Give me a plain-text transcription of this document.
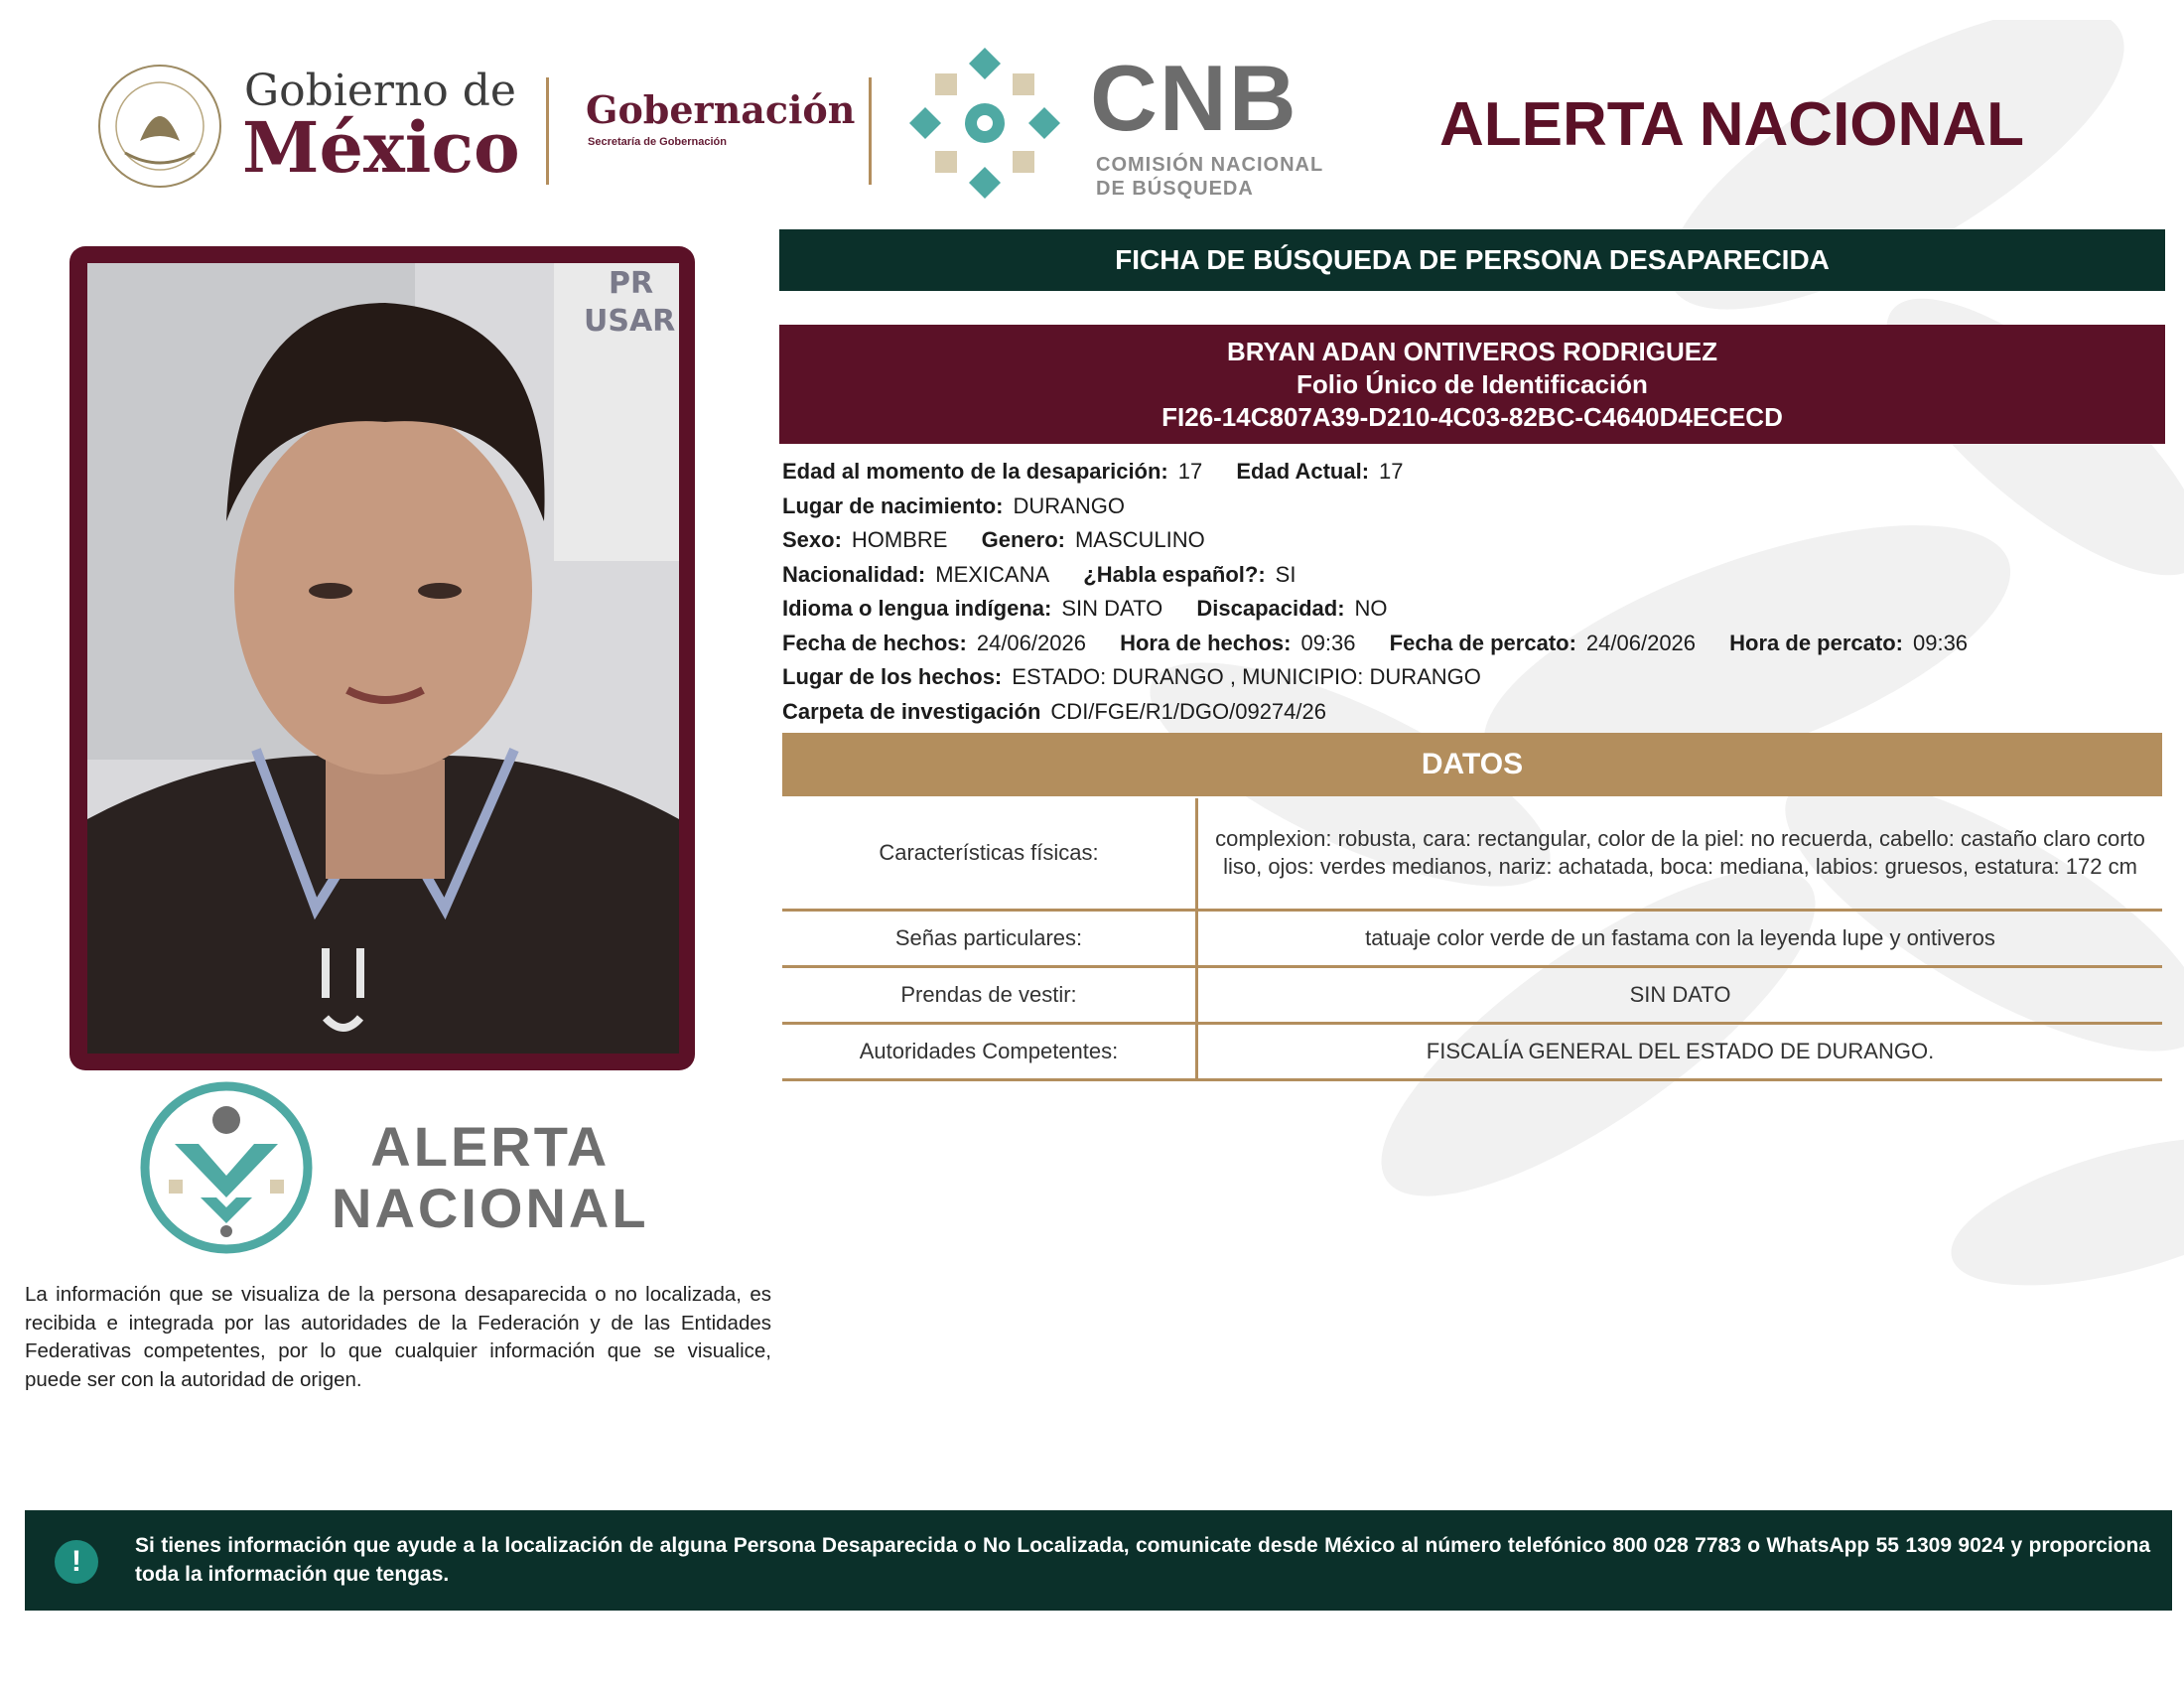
Gobierno de
México Gobernación
Secretaría de Gobernación	CNB
COMISIÓN NACIONAL
DE BÚSQUEDA
ALERTA NACIONAL
PR
USAR
FICHA DE BÚSQUEDA DE PERSONA DESAPARECIDA
BRYAN ADAN ONTIVEROS RODRIGUEZ
Folio Único de Identificación
FI26-14C807A39-D210-4C03-82BC-C4640D4ECECD
Edad al momento de la desaparición: 17 Edad Actual: 17
Lugar de nacimiento: DURANGO
Sexo: HOMBRE Genero: MASCULINO
Nacionalidad: MEXICANA ¿Habla español?: SI
Idioma o lengua indígena: SIN DATO Discapacidad: NO
Fecha de hechos: 24/06/2026 Hora de hechos: 09:36 Fecha de percato: 24/06/2026 Hora de percato: 09:36
Lugar de los hechos: ESTADO: DURANGO , MUNICIPIO: DURANGO
Carpeta de investigación CDI/FGE/R1/DGO/09274/26
DATOS
Características físicas:	complexion: robusta, cara: rectangular, color de la piel: no recuerda, cabello: castaño claro corto liso, ojos: verdes medianos, nariz: achatada, boca: mediana, labios: gruesos, estatura: 172 cm
Señas particulares:	tatuaje color verde de un fastama con la leyenda lupe y ontiveros
Prendas de vestir:	SIN DATO
Autoridades Competentes:	FISCALÍA GENERAL DEL ESTADO DE DURANGO.
ALERTA
NACIONAL
La información que se visualiza de la persona desaparecida o no localizada, es recibida e integrada por las autoridades de la Federación y de las Entidades Federativas competentes, por lo que cualquier información que se visualice, puede ser con la autoridad de origen.
!	Si tienes información que ayude a la localización de alguna Persona Desaparecida o No Localizada, comunicate desde México al número telefónico 800 028 7783 o WhatsApp 55 1309 9024 y proporciona toda la información que tengas.
